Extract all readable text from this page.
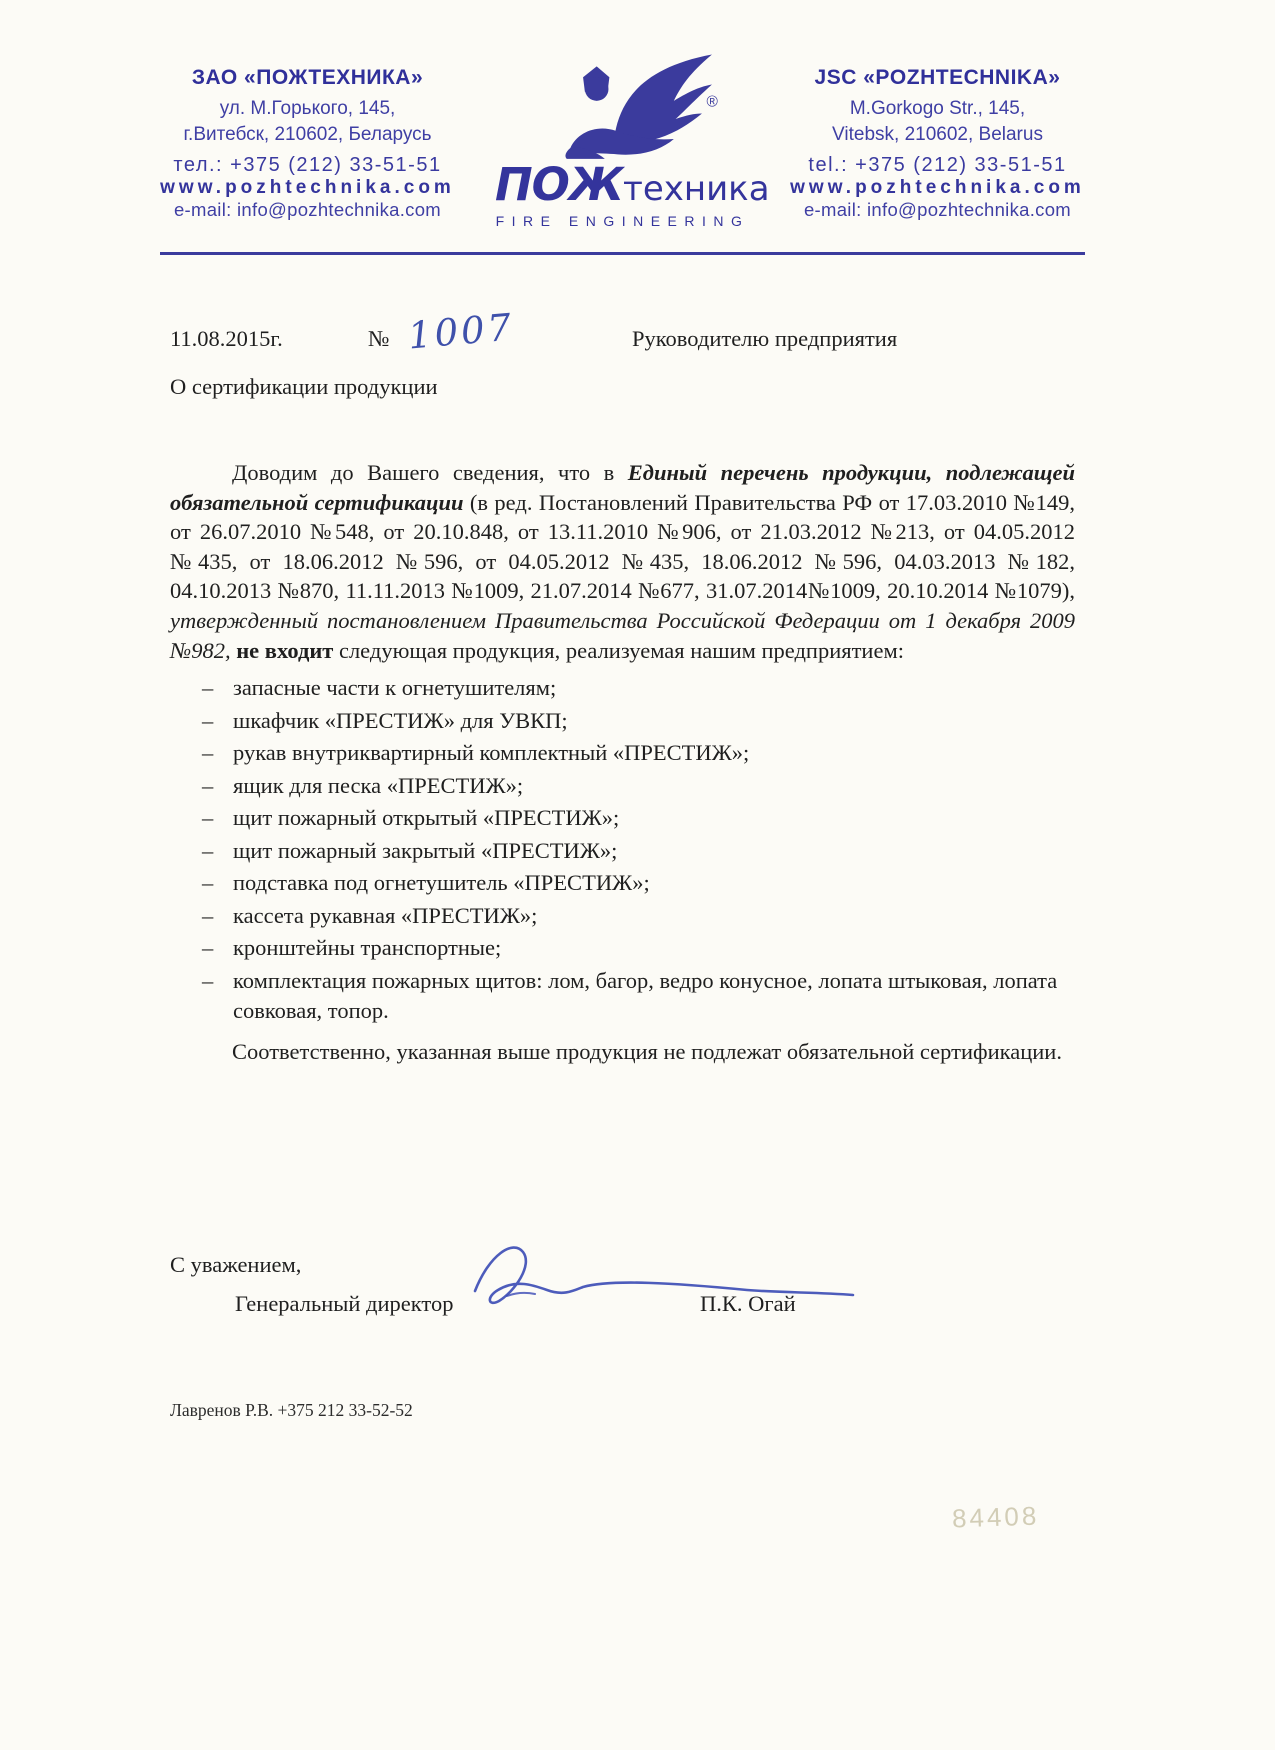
ЗАО «ПОЖТЕХНИКА»
ул. М.Горького, 145,
г.Витебск, 210602, Беларусь
тел.: +375 (212) 33-51-51
www.pozhtechnika.com
e-mail: info@pozhtechnika.com
®
ПОЖтехника
FIRE ENGINEERING
JSC «POZHTECHNIKA»
M.Gorkogo Str., 145,
Vitebsk, 210602, Belarus
tel.: +375 (212) 33-51-51
www.pozhtechnika.com
e-mail: info@pozhtechnika.com
11.08.2015г.	№ 1007	Руководителю предприятия
О сертификации продукции

Доводим до Вашего сведения, что в Единый перечень продукции, подлежащей обязательной сертификации (в ред. Постановлений Правительства РФ от 17.03.2010 №149, от 26.07.2010 №548, от 20.10.848, от 13.11.2010 №906, от 21.03.2012 №213, от 04.05.2012 №435, от 18.06.2012 №596, от 04.05.2012 №435, 18.06.2012 №596, 04.03.2013 №182, 04.10.2013 №870, 11.11.2013 №1009, 21.07.2014 №677, 31.07.2014№1009, 20.10.2014 №1079), утвержденный постановлением Правительства Российской Федерации от 1 декабря 2009 №982, не входит следующая продукция, реализуемая нашим предприятием:

– запасные части к огнетушителям;
– шкафчик «ПРЕСТИЖ» для УВКП;
– рукав внутриквартирный комплектный «ПРЕСТИЖ»;
– ящик для песка «ПРЕСТИЖ»;
– щит пожарный открытый «ПРЕСТИЖ»;
– щит пожарный закрытый «ПРЕСТИЖ»;
– подставка под огнетушитель «ПРЕСТИЖ»;
– кассета рукавная «ПРЕСТИЖ»;
– кронштейны транспортные;
– комплектация пожарных щитов: лом, багор, ведро конусное, лопата штыковая, лопата совковая, топор.

Соответственно, указанная выше продукция не подлежат обязательной сертификации.

С уважением,
Генеральный директор	П.К. Огай
Лавренов Р.В. +375 212 33-52-52
84408
